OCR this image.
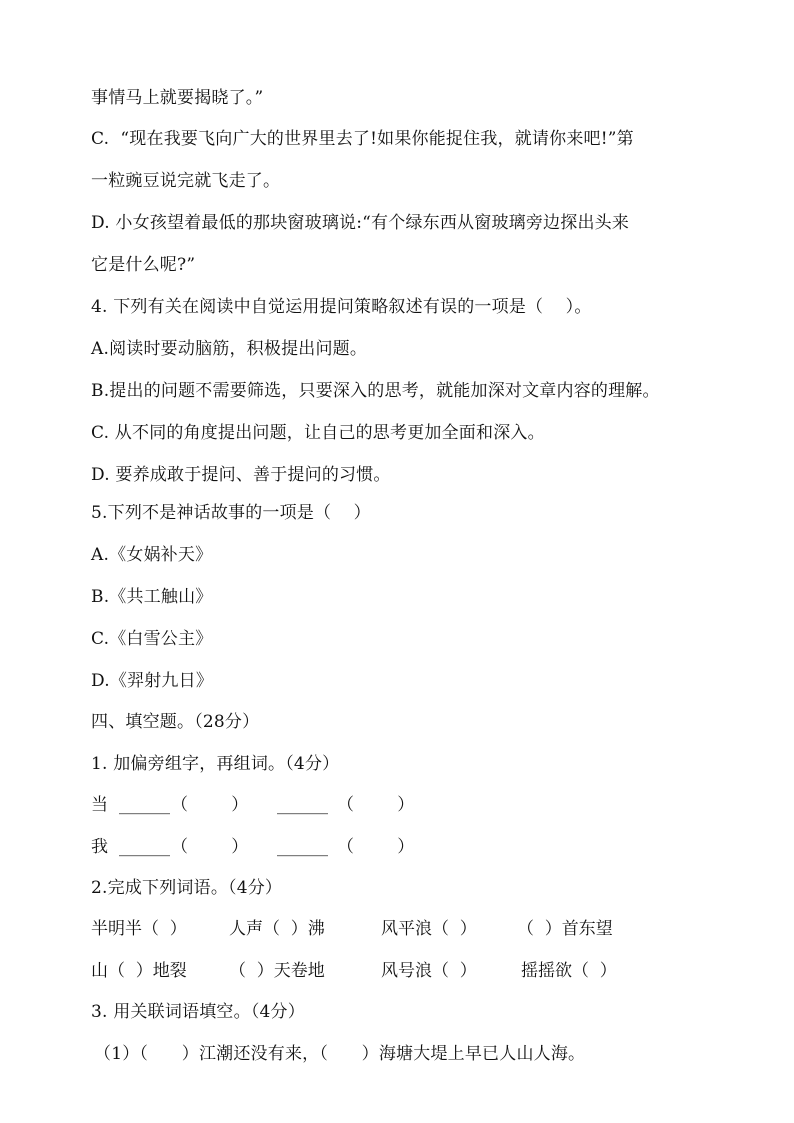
事情马上就要揭晓了。”
C.  “现在我要飞向广大的世界里去了!如果你能捉住我，就请你来吧!”第
一粒豌豆说完就飞走了。
D. 小女孩望着最低的那块窗玻璃说:“有个绿东西从窗玻璃旁边探出头来
它是什么呢?”
4. 下列有关在阅读中自觉运用提问策略叙述有误的一项是（    ）。
A.阅读时要动脑筋，积极提出问题。
B.提出的问题不需要筛选，只要深入的思考，就能加深对文章内容的理解。
C. 从不同的角度提出问题，让自己的思考更加全面和深入。
D. 要养成敢于提问、善于提问的习惯。
5.下列不是神话故事的一项是（    ）
A.《女娲补天》
B.《共工触山》
C.《白雪公主》
D.《羿射九日》
四、填空题。（28分）
1. 加偏旁组字，再组词。（4分）
当 ______ （        ） ______ （        ）
我 ______ （        ） ______ （        ）
2.完成下列词语。（4分）
半明半（  ） 人声（  ）沸	风平浪（  ） （  ）首东望
山（  ）地裂 （  ）天卷地	风号浪（  ）	摇摇欲（  ）
3. 用关联词语填空。（4分）
（1）（      ）江潮还没有来，（      ）海塘大堤上早已人山人海。
